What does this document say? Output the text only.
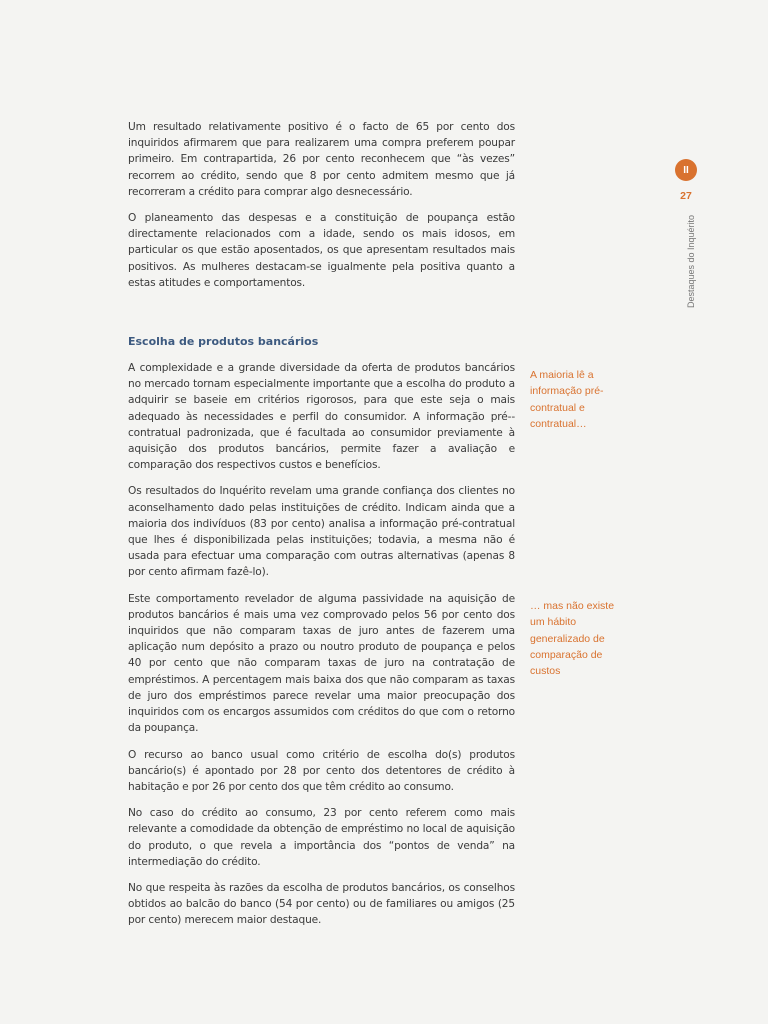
Um resultado relativamente positivo é o facto de 65 por cento dos inquiridos afirmarem que para realizarem uma compra preferem poupar primeiro. Em contrapartida, 26 por cento reconhecem que “às vezes” recorrem ao crédito, sendo que 8 por cento admitem mesmo que já recorreram a crédito para comprar algo desnecessário.

O planeamento das despesas e a constituição de poupança estão directamente relacionados com a idade, sendo os mais idosos, em particular os que estão aposentados, os que apresentam resultados mais positivos. As mulheres destacam-se igualmente pela positiva quanto a estas atitudes e comportamentos.

Escolha de produtos bancários

A complexidade e a grande diversidade da oferta de produtos bancários no mercado tornam especialmente importante que a escolha do produto a adquirir se baseie em critérios rigorosos, para que este seja o mais adequado às necessidades e perfil do consumidor. A informação pré--contratual padronizada, que é facultada ao consumidor previamente à aquisição dos produtos bancários, permite fazer a avaliação e comparação dos respectivos custos e benefícios.

Os resultados do Inquérito revelam uma grande confiança dos clientes no aconselhamento dado pelas instituições de crédito. Indicam ainda que a maioria dos indivíduos (83 por cento) analisa a informação pré-contratual que lhes é disponibilizada pelas instituições; todavia, a mesma não é usada para efectuar uma comparação com outras alternativas (apenas 8 por cento afirmam fazê-lo).

Este comportamento revelador de alguma passividade na aquisição de produtos bancários é mais uma vez comprovado pelos 56 por cento dos inquiridos que não comparam taxas de juro antes de fazerem uma aplicação num depósito a prazo ou noutro produto de poupança e pelos 40 por cento que não comparam taxas de juro na contratação de empréstimos. A percentagem mais baixa dos que não comparam as taxas de juro dos empréstimos parece revelar uma maior preocupação dos inquiridos com os encargos assumidos com créditos do que com o retorno da poupança.

O recurso ao banco usual como critério de escolha do(s) produtos bancário(s) é apontado por 28 por cento dos detentores de crédito à habitação e por 26 por cento dos que têm crédito ao consumo.

No caso do crédito ao consumo, 23 por cento referem como mais relevante a comodidade da obtenção de empréstimo no local de aquisição do produto, o que revela a importância dos “pontos de venda” na intermediação do crédito.

No que respeita às razões da escolha de produtos bancários, os conselhos obtidos ao balcão do banco (54 por cento) ou de familiares ou amigos (25 por cento) merecem maior destaque.

A maioria lê a informação pré-contratual e contratual…
… mas não existe um hábito generalizado de comparação de custos
II
27
Destaques do Inquérito
